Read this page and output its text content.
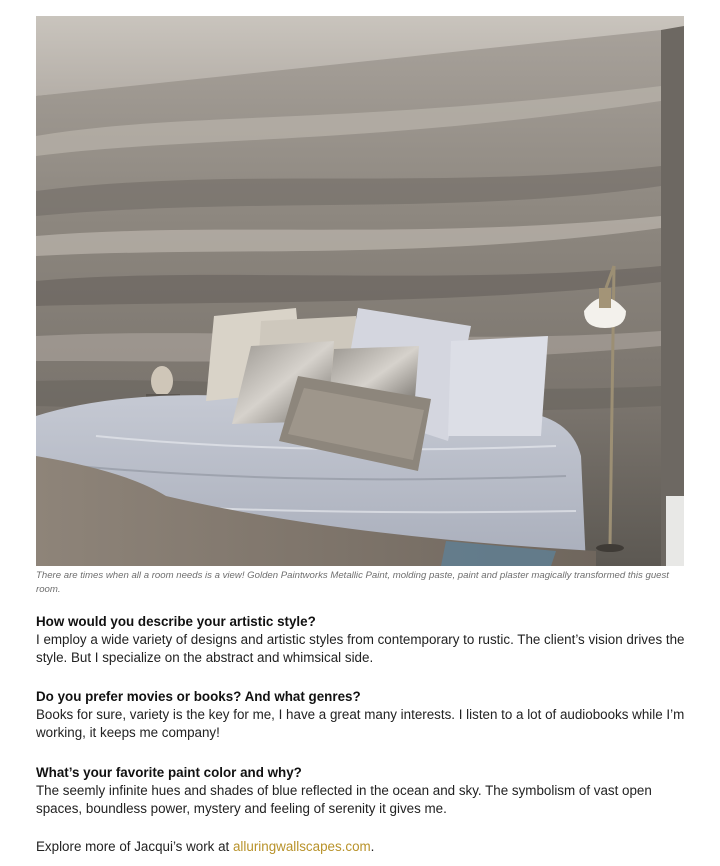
There are times when all a room needs is a view! Golden Paintworks Metallic Paint, molding paste, paint and plaster magically transformed this guest room.
How would you describe your artistic style?
I employ a wide variety of designs and artistic styles from contemporary to rustic. The client’s vision drives the style. But I specialize on the abstract and whimsical side.
Do you prefer movies or books? And what genres?
Books for sure, variety is the key for me, I have a great many interests. I listen to a lot of audiobooks while I’m working, it keeps me company!
What’s your favorite paint color and why?
The seemly infinite hues and shades of blue reflected in the ocean and sky. The symbolism of vast open spaces, boundless power, mystery and feeling of serenity it gives me.
Explore more of Jacqui’s work at alluringwallscapes.com.
